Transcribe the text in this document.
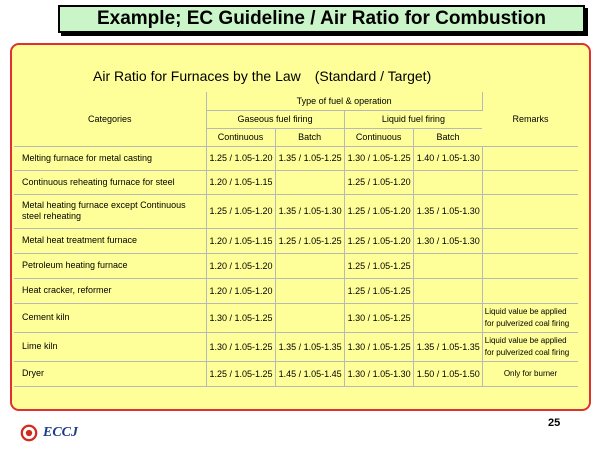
Example; EC Guideline / Air Ratio for Combustion
Air Ratio for Furnaces by the Law　(Standard / Target)
Categories	Type of fuel & operation				Remarks
	Gaseous fuel firing		Liquid fuel firing		
	Continuous	Batch	Continuous	Batch	
Melting furnace for metal casting	1.25 / 1.05-1.20	1.35 / 1.05-1.25	1.30 / 1.05-1.25	1.40 / 1.05-1.30	
Continuous reheating furnace for steel	1.20 / 1.05-1.15		1.25 / 1.05-1.20		
Metal heating furnace except Continuous steel reheating	1.25 / 1.05-1.20	1.35 / 1.05-1.30	1.25 / 1.05-1.20	1.35 / 1.05-1.30	
Metal heat treatment furnace	1.20 / 1.05-1.15	1.25 / 1.05-1.25	1.25 / 1.05-1.20	1.30 / 1.05-1.30	
Petroleum heating furnace	1.20 / 1.05-1.20		1.25 / 1.05-1.25		
Heat cracker, reformer	1.20 / 1.05-1.20		1.25 / 1.05-1.25		
Cement kiln	1.30 / 1.05-1.25		1.30 / 1.05-1.25		Liquid value be applied for pulverized coal firing
Lime kiln	1.30 / 1.05-1.25	1.35 / 1.05-1.35	1.30 / 1.05-1.25	1.35 / 1.05-1.35	Liquid value be applied for pulverized coal firing
Dryer	1.25 / 1.05-1.25	1.45 / 1.05-1.45	1.30 / 1.05-1.30	1.50 / 1.05-1.50	Only for burner
25
ECCJ
